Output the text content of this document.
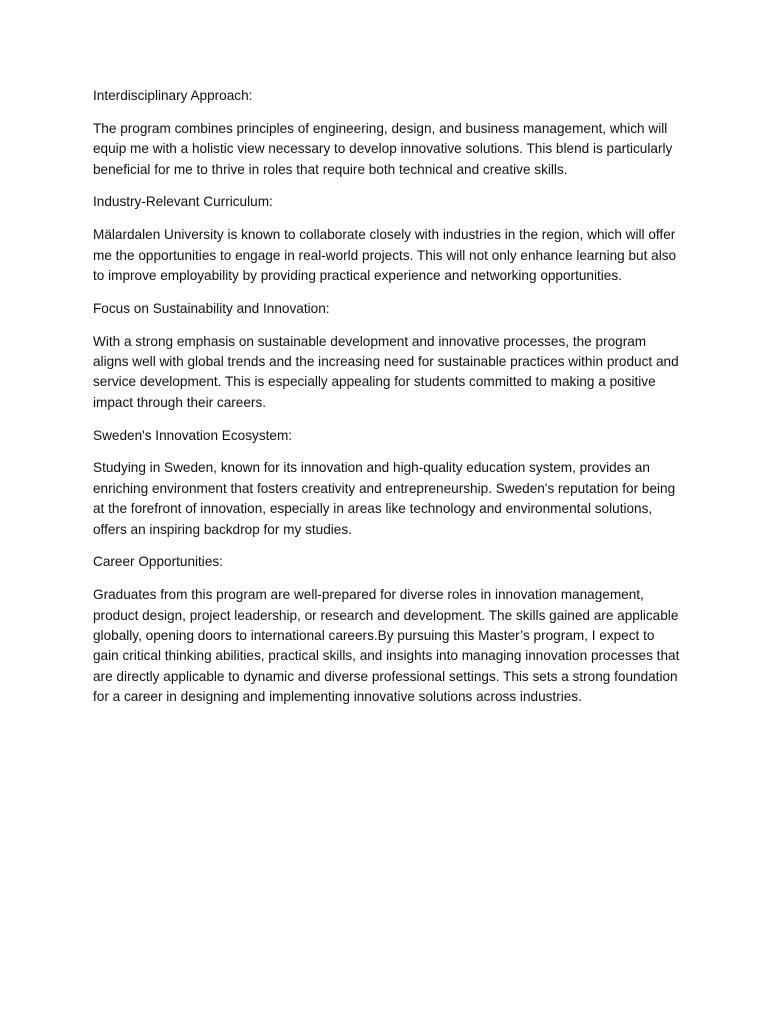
Interdisciplinary Approach:

The program combines principles of engineering, design, and business management, which will equip me with a holistic view necessary to develop innovative solutions. This blend is particularly beneficial for me to thrive in roles that require both technical and creative skills.

Industry-Relevant Curriculum:

Mälardalen University is known to collaborate closely with industries in the region, which will offer me the opportunities to engage in real-world projects. This will not only enhance learning but also to improve employability by providing practical experience and networking opportunities.

Focus on Sustainability and Innovation:

With a strong emphasis on sustainable development and innovative processes, the program aligns well with global trends and the increasing need for sustainable practices within product and service development. This is especially appealing for students committed to making a positive impact through their careers.

Sweden's Innovation Ecosystem:

Studying in Sweden, known for its innovation and high-quality education system, provides an enriching environment that fosters creativity and entrepreneurship. Sweden's reputation for being at the forefront of innovation, especially in areas like technology and environmental solutions, offers an inspiring backdrop for my studies.

Career Opportunities:

Graduates from this program are well-prepared for diverse roles in innovation management, product design, project leadership, or research and development. The skills gained are applicable globally, opening doors to international careers.By pursuing this Master’s program, I expect to gain critical thinking abilities, practical skills, and insights into managing innovation processes that are directly applicable to dynamic and diverse professional settings. This sets a strong foundation for a career in designing and implementing innovative solutions across industries.
